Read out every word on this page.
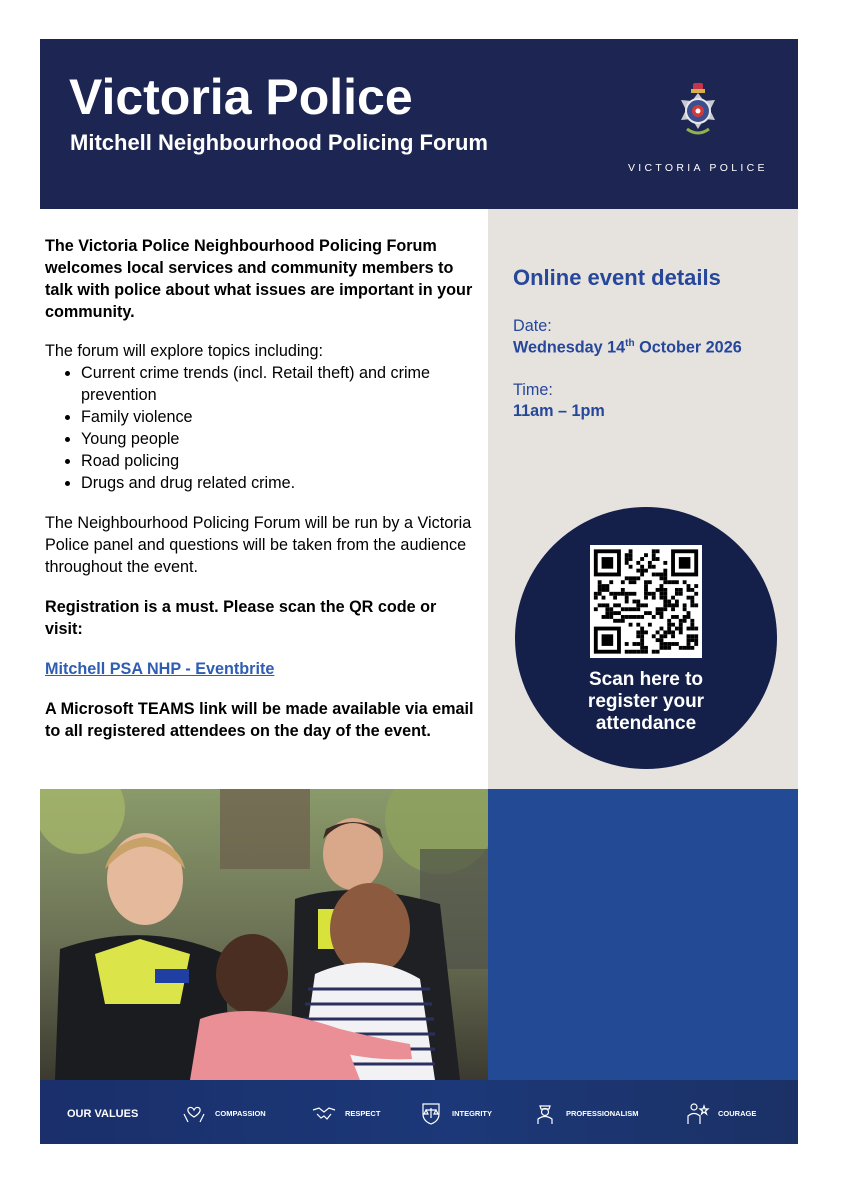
Victoria Police
Mitchell Neighbourhood Policing Forum
VICTORIA POLICE

The Victoria Police Neighbourhood Policing Forum welcomes local services and community members to talk with police about what issues are important in your community.

The forum will explore topics including:

• Current crime trends (incl. Retail theft) and crime prevention
• Family violence
• Young people
• Road policing
• Drugs and drug related crime.

The Neighbourhood Policing Forum will be run by a Victoria Police panel and questions will be taken from the audience throughout the event.

Registration is a must. Please scan the QR code or visit:

Mitchell PSA NHP - Eventbrite

A Microsoft TEAMS link will be made available via email to all registered attendees on the day of the event.

Online event details
Date:
Wednesday 14th October 2026
Time:
11am – 1pm
Scan here to
register your
attendance
OUR VALUES	COMPASSION	RESPECT	INTEGRITY	PROFESSIONALISM	COURAGE
